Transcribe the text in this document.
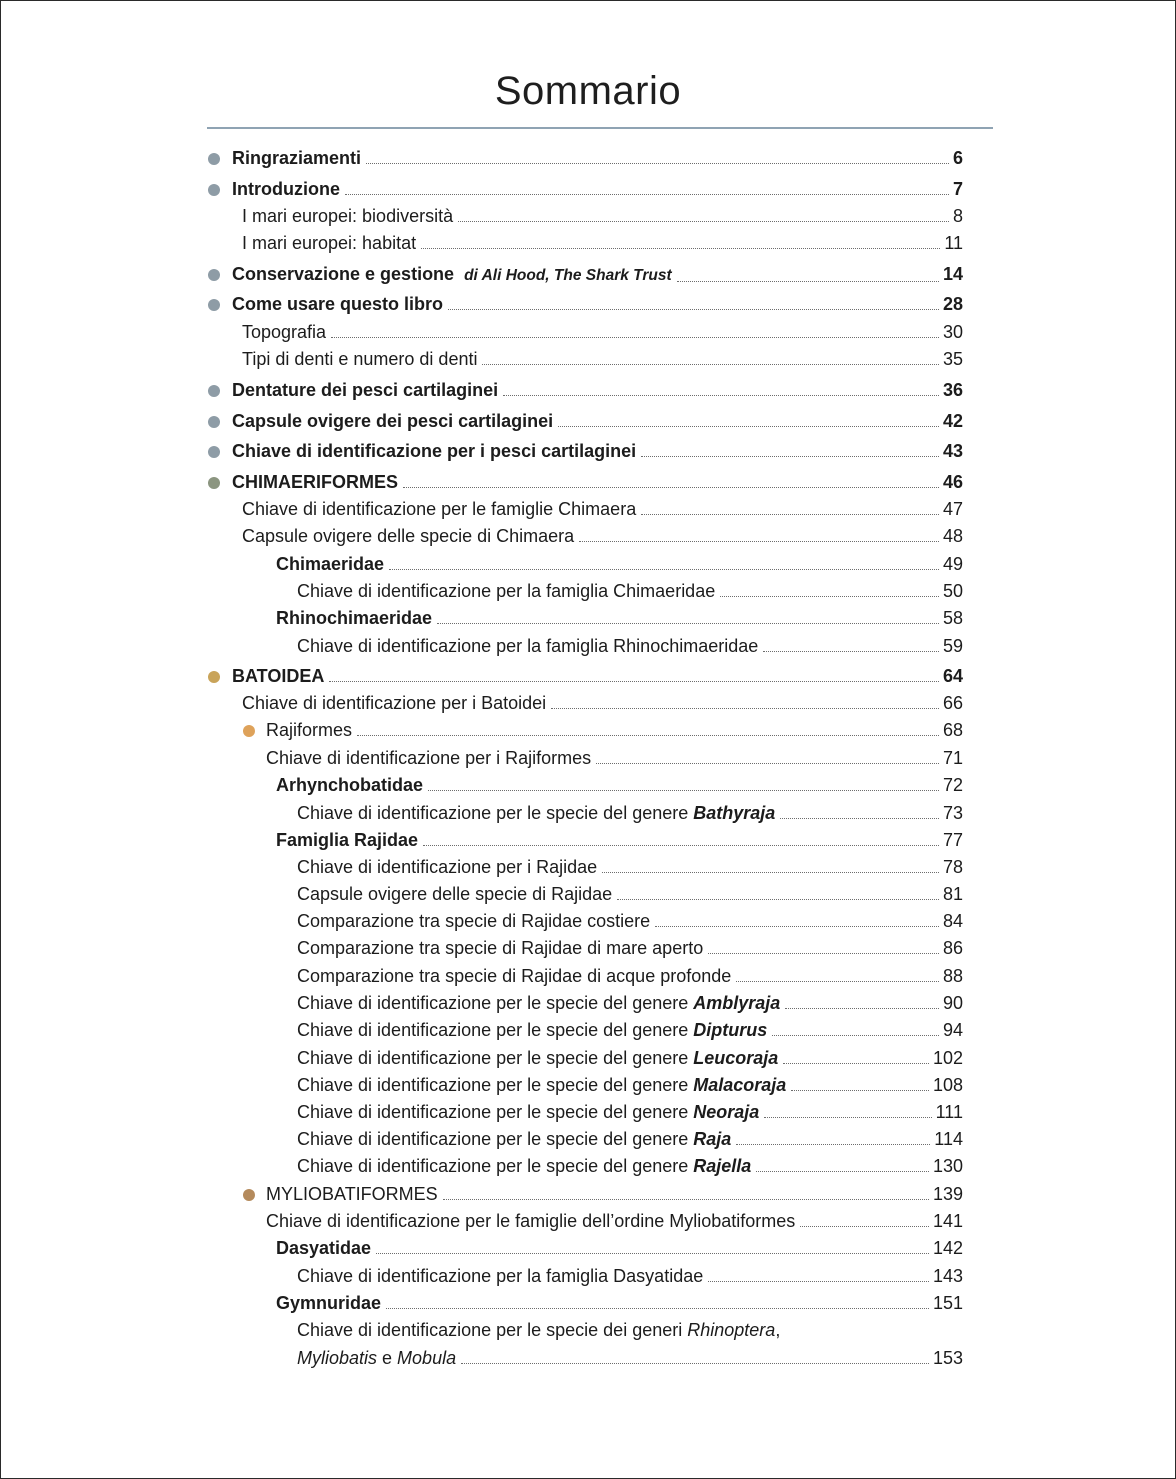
Sommario
Ringraziamenti	6
Introduzione	7
I mari europei: biodiversità	8
I mari europei: habitat	11
Conservazione e gestione di Ali Hood, The Shark Trust	14
Come usare questo libro	28
Topografia	30
Tipi di denti e numero di denti	35
Dentature dei pesci cartilaginei	36
Capsule ovigere dei pesci cartilaginei	42
Chiave di identificazione per i pesci cartilaginei	43
CHIMAERIFORMES	46
Chiave di identificazione per le famiglie Chimaera	47
Capsule ovigere delle specie di Chimaera	48
Chimaeridae	49
Chiave di identificazione per la famiglia Chimaeridae	50
Rhinochimaeridae	58
Chiave di identificazione per la famiglia Rhinochimaeridae	59
BATOIDEA	64
Chiave di identificazione per i Batoidei	66
Rajiformes	68
Chiave di identificazione per i Rajiformes	71
Arhynchobatidae	72
Chiave di identificazione per le specie del genere Bathyraja	73
Famiglia Rajidae	77
Chiave di identificazione per i Rajidae	78
Capsule ovigere delle specie di Rajidae	81
Comparazione tra specie di Rajidae costiere	84
Comparazione tra specie di Rajidae di mare aperto	86
Comparazione tra specie di Rajidae di acque profonde	88
Chiave di identificazione per le specie del genere Amblyraja	90
Chiave di identificazione per le specie del genere Dipturus	94
Chiave di identificazione per le specie del genere Leucoraja	102
Chiave di identificazione per le specie del genere Malacoraja	108
Chiave di identificazione per le specie del genere Neoraja	111
Chiave di identificazione per le specie del genere Raja	114
Chiave di identificazione per le specie del genere Rajella	130
MYLIOBATIFORMES	139
Chiave di identificazione per le famiglie dell’ordine Myliobatiformes	141
Dasyatidae	142
Chiave di identificazione per la famiglia Dasyatidae	143
Gymnuridae	151
Chiave di identificazione per le specie dei generi Rhinoptera,
Myliobatis e Mobula	153
